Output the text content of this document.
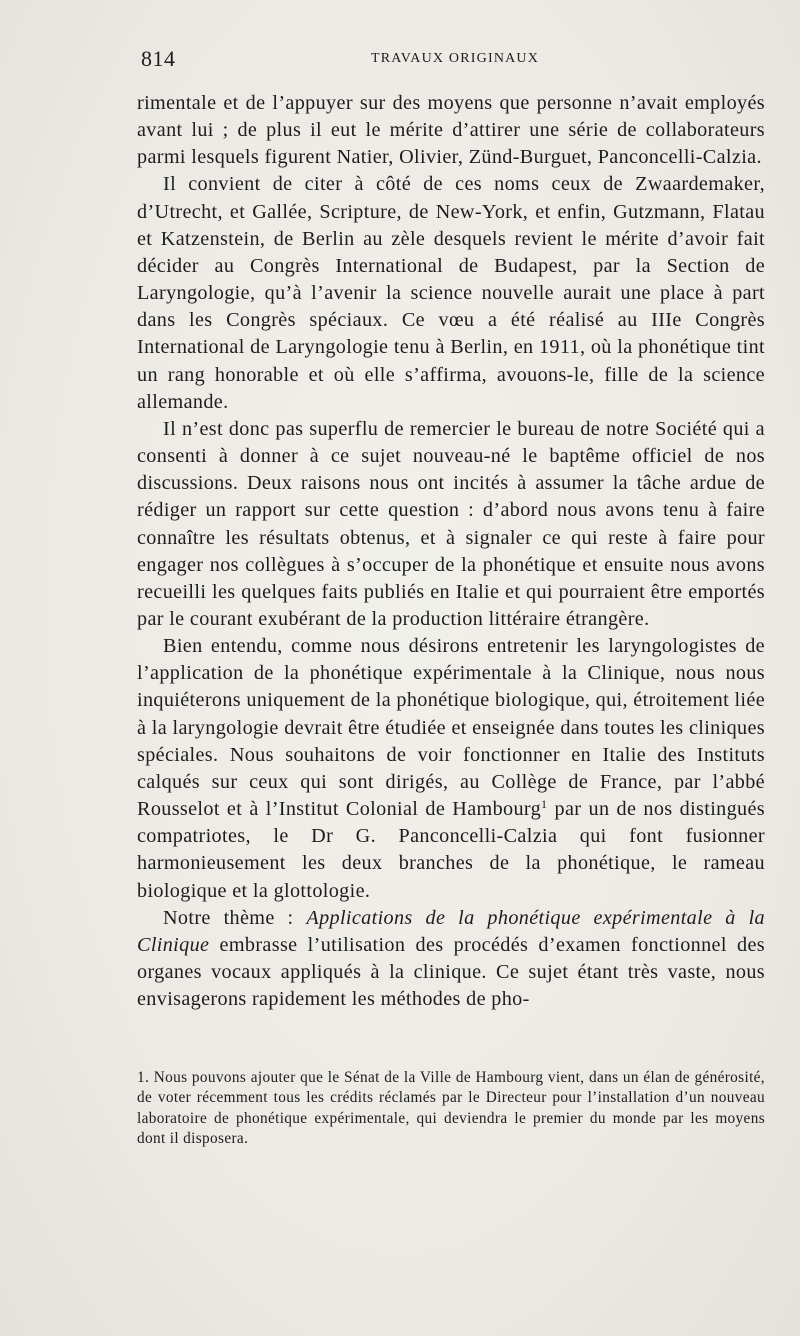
814	TRAVAUX ORIGINAUX

rimentale et de l’appuyer sur des moyens que personne n’avait employés avant lui ; de plus il eut le mérite d’attirer une série de collaborateurs parmi lesquels figurent Natier, Olivier, Zünd-Burguet, Panconcelli-Calzia.

Il convient de citer à côté de ces noms ceux de Zwaardemaker, d’Utrecht, et Gallée, Scripture, de New-York, et enfin, Gutzmann, Flatau et Katzenstein, de Berlin au zèle desquels revient le mérite d’avoir fait décider au Congrès International de Budapest, par la Section de Laryngologie, qu’à l’avenir la science nouvelle aurait une place à part dans les Congrès spéciaux. Ce vœu a été réalisé au IIIe Congrès International de Laryngologie tenu à Berlin, en 1911, où la phonétique tint un rang honorable et où elle s’affirma, avouons-le, fille de la science allemande.

Il n’est donc pas superflu de remercier le bureau de notre Société qui a consenti à donner à ce sujet nouveau-né le baptême officiel de nos discussions. Deux raisons nous ont incités à assumer la tâche ardue de rédiger un rapport sur cette question : d’abord nous avons tenu à faire connaître les résultats obtenus, et à signaler ce qui reste à faire pour engager nos collègues à s’occuper de la phonétique et ensuite nous avons recueilli les quelques faits publiés en Italie et qui pourraient être emportés par le courant exubérant de la production littéraire étrangère.

Bien entendu, comme nous désirons entretenir les laryngologistes de l’application de la phonétique expérimentale à la Clinique, nous nous inquiéterons uniquement de la phonétique biologique, qui, étroitement liée à la laryngologie devrait être étudiée et enseignée dans toutes les cliniques spéciales. Nous souhaitons de voir fonctionner en Italie des Instituts calqués sur ceux qui sont dirigés, au Collège de France, par l’abbé Rousselot et à l’Institut Colonial de Hambourg$^1$ par un de nos distingués compatriotes, le Dr G. Panconcelli-Calzia qui font fusionner harmonieusement les deux branches de la phonétique, le rameau biologique et la glottologie.

Notre thème : Applications de la phonétique expérimentale à la Clinique embrasse l’utilisation des procédés d’examen fonctionnel des organes vocaux appliqués à la clinique. Ce sujet étant très vaste, nous envisagerons rapidement les méthodes de pho-

1. Nous pouvons ajouter que le Sénat de la Ville de Hambourg vient, dans un élan de générosité, de voter récemment tous les crédits réclamés par le Directeur pour l’installation d’un nouveau laboratoire de phonétique expérimentale, qui deviendra le premier du monde par les moyens dont il disposera.
